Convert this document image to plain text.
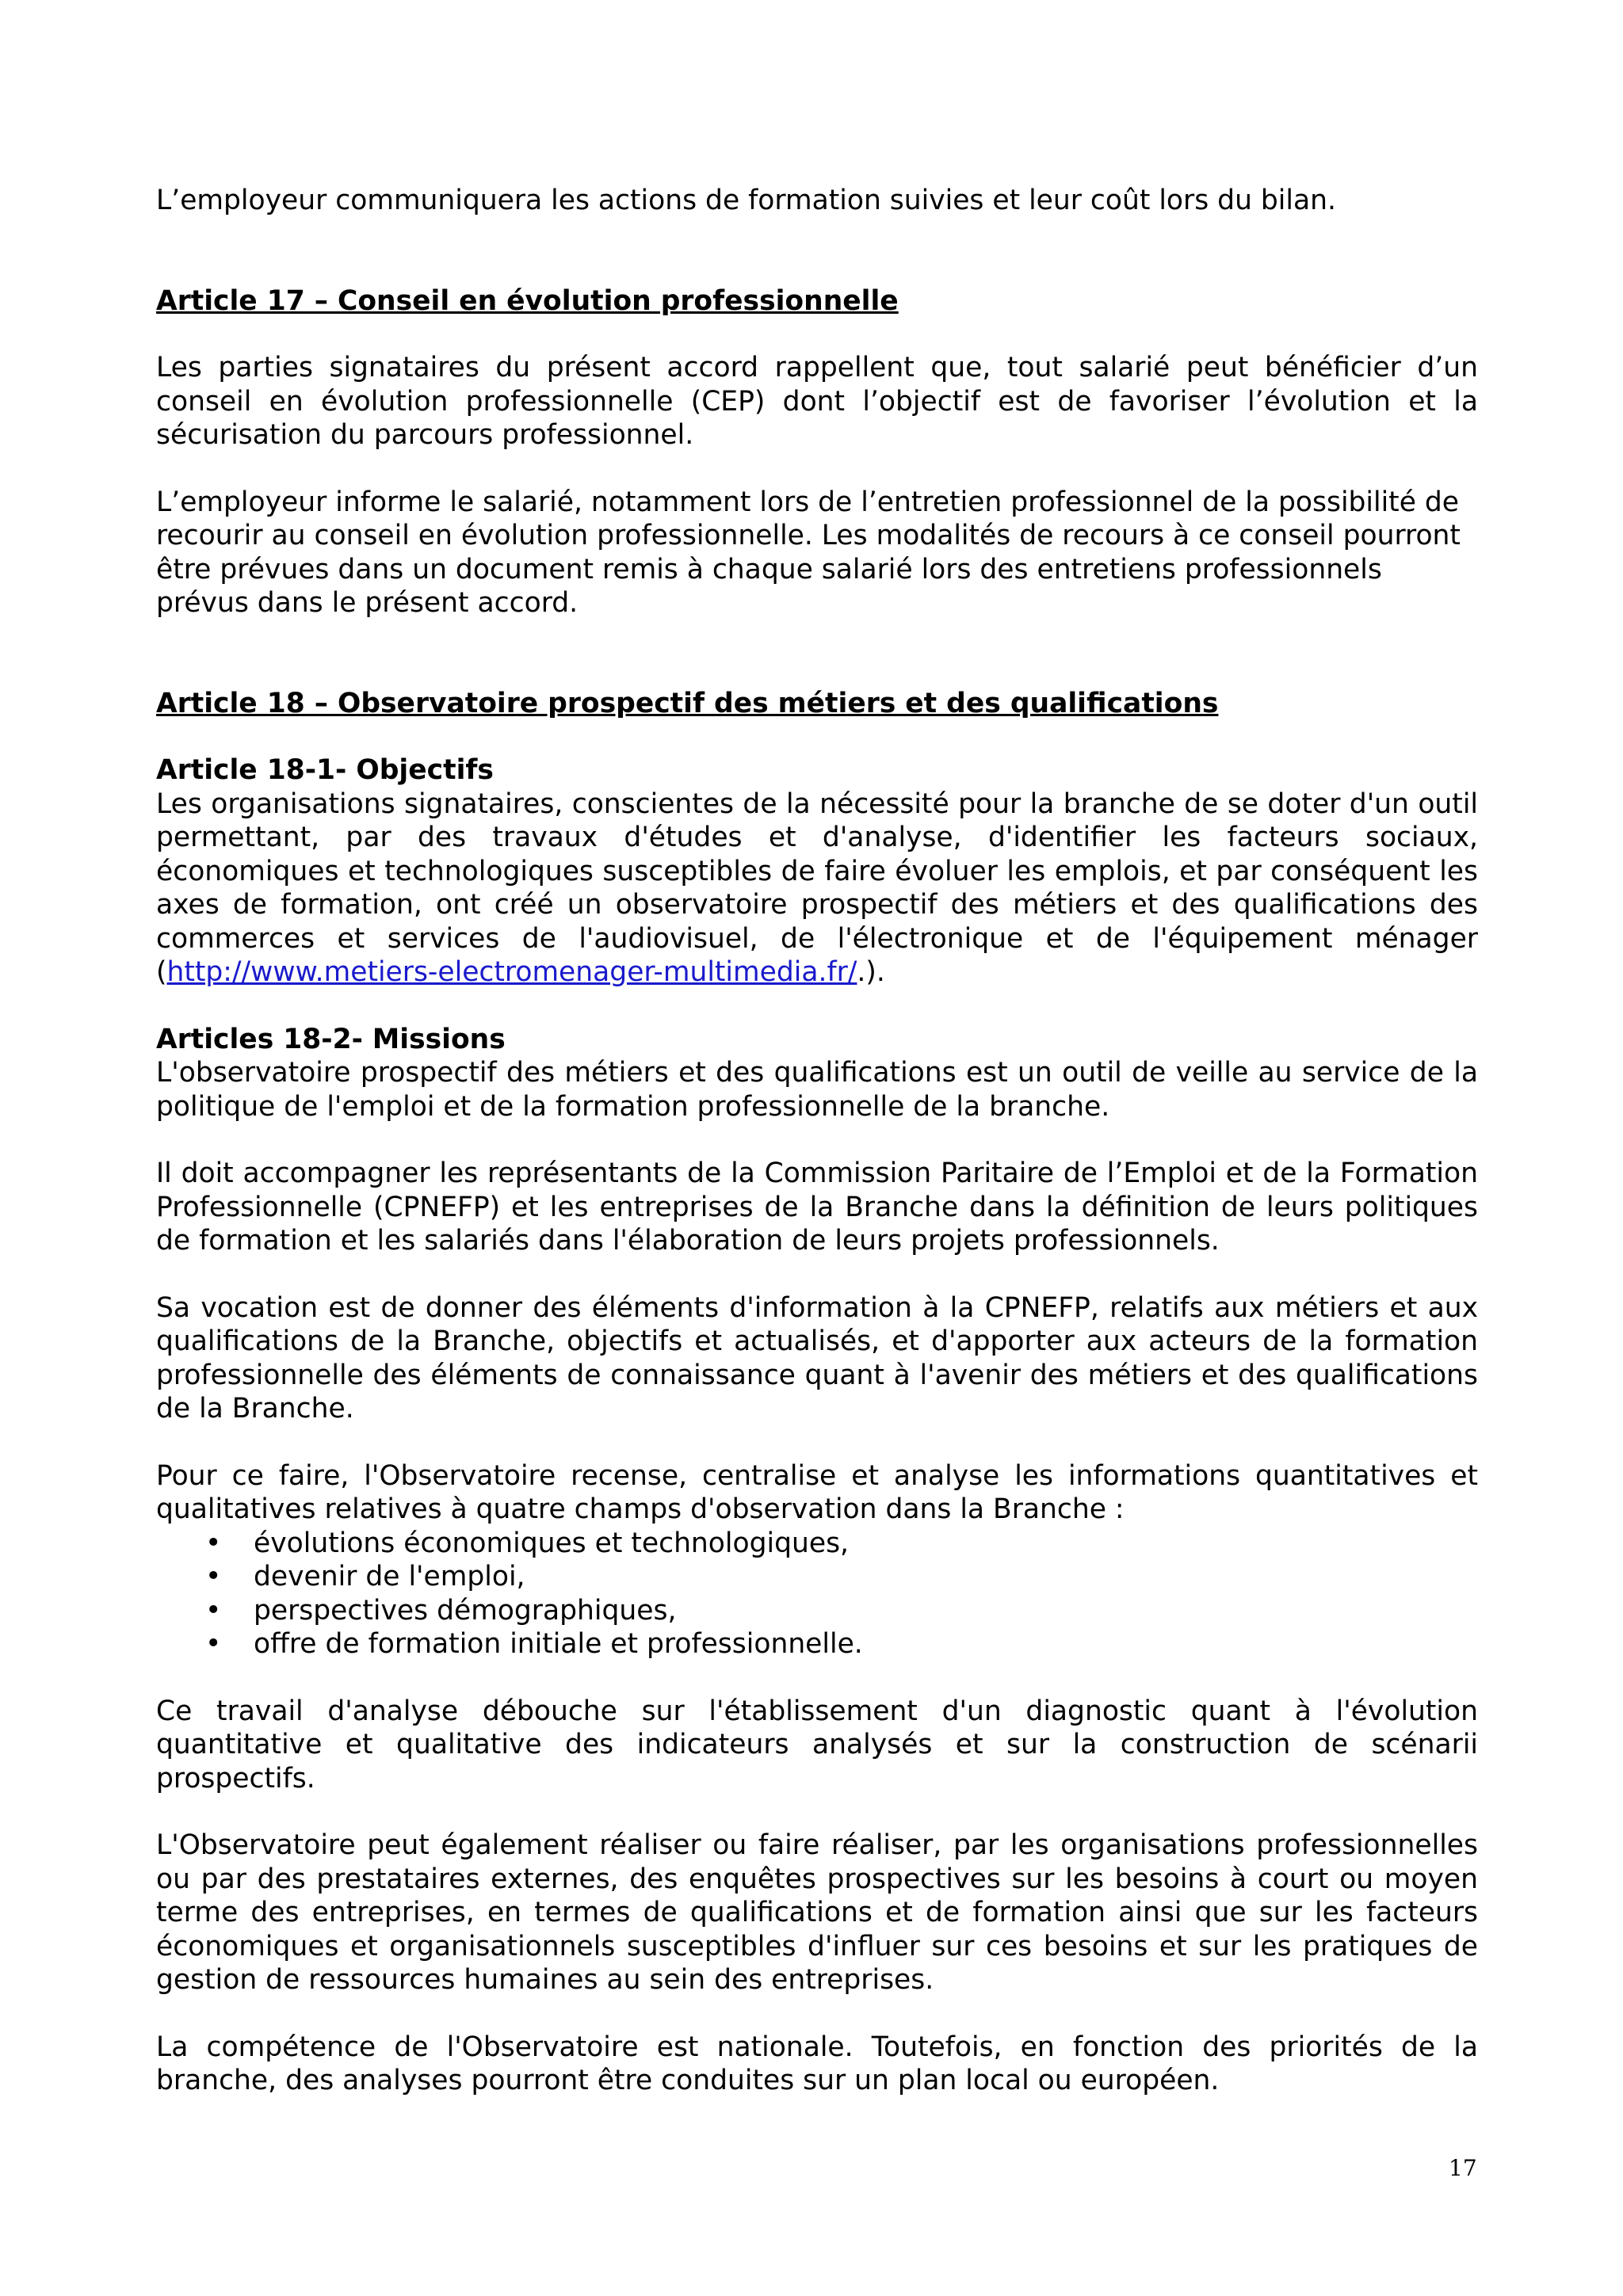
L’employeur communiquera les actions de formation suivies et leur coût lors du bilan.

Article 17 – Conseil en évolution professionnelle

Les parties signataires du présent accord rappellent que, tout salarié peut bénéficier d’un conseil en évolution professionnelle (CEP) dont l’objectif est de favoriser l’évolution et la sécurisation du parcours professionnel.

L’employeur informe le salarié, notamment lors de l’entretien professionnel de la possibilité de recourir au conseil en évolution professionnelle. Les modalités de recours à ce conseil pourront être prévues dans un document remis à chaque salarié lors des entretiens professionnels prévus dans le présent accord.

Article 18 – Observatoire prospectif des métiers et des qualifications

Article 18-1- Objectifs

Les organisations signataires, conscientes de la nécessité pour la branche de se doter d'un outil permettant, par des travaux d'études et d'analyse, d'identifier les facteurs sociaux, économiques et technologiques susceptibles de faire évoluer les emplois, et par conséquent les axes de formation, ont créé un observatoire prospectif des métiers et des qualifications des commerces et services de l'audiovisuel, de l'électronique et de l'équipement ménager (http://www.metiers-electromenager-multimedia.fr/.).

Articles 18-2- Missions

L'observatoire prospectif des métiers et des qualifications est un outil de veille au service de la politique de l'emploi et de la formation professionnelle de la branche.

Il doit accompagner les représentants de la Commission Paritaire de l’Emploi et de la Formation Professionnelle (CPNEFP) et les entreprises de la Branche dans la définition de leurs politiques de formation et les salariés dans l'élaboration de leurs projets professionnels.

Sa vocation est de donner des éléments d'information à la CPNEFP, relatifs aux métiers et aux qualifications de la Branche, objectifs et actualisés, et d'apporter aux acteurs de la formation professionnelle des éléments de connaissance quant à l'avenir des métiers et des qualifications de la Branche.

Pour ce faire, l'Observatoire recense, centralise et analyse les informations quantitatives et qualitatives relatives à quatre champs d'observation dans la Branche :

• évolutions économiques et technologiques,
• devenir de l'emploi,
• perspectives démographiques,
• offre de formation initiale et professionnelle.

Ce travail d'analyse débouche sur l'établissement d'un diagnostic quant à l'évolution quantitative et qualitative des indicateurs analysés et sur la construction de scénarii prospectifs.

L'Observatoire peut également réaliser ou faire réaliser, par les organisations professionnelles ou par des prestataires externes, des enquêtes prospectives sur les besoins à court ou moyen terme des entreprises, en termes de qualifications et de formation ainsi que sur les facteurs économiques et organisationnels susceptibles d'influer sur ces besoins et sur les pratiques de gestion de ressources humaines au sein des entreprises.

La compétence de l'Observatoire est nationale. Toutefois, en fonction des priorités de la branche, des analyses pourront être conduites sur un plan local ou européen.

17
